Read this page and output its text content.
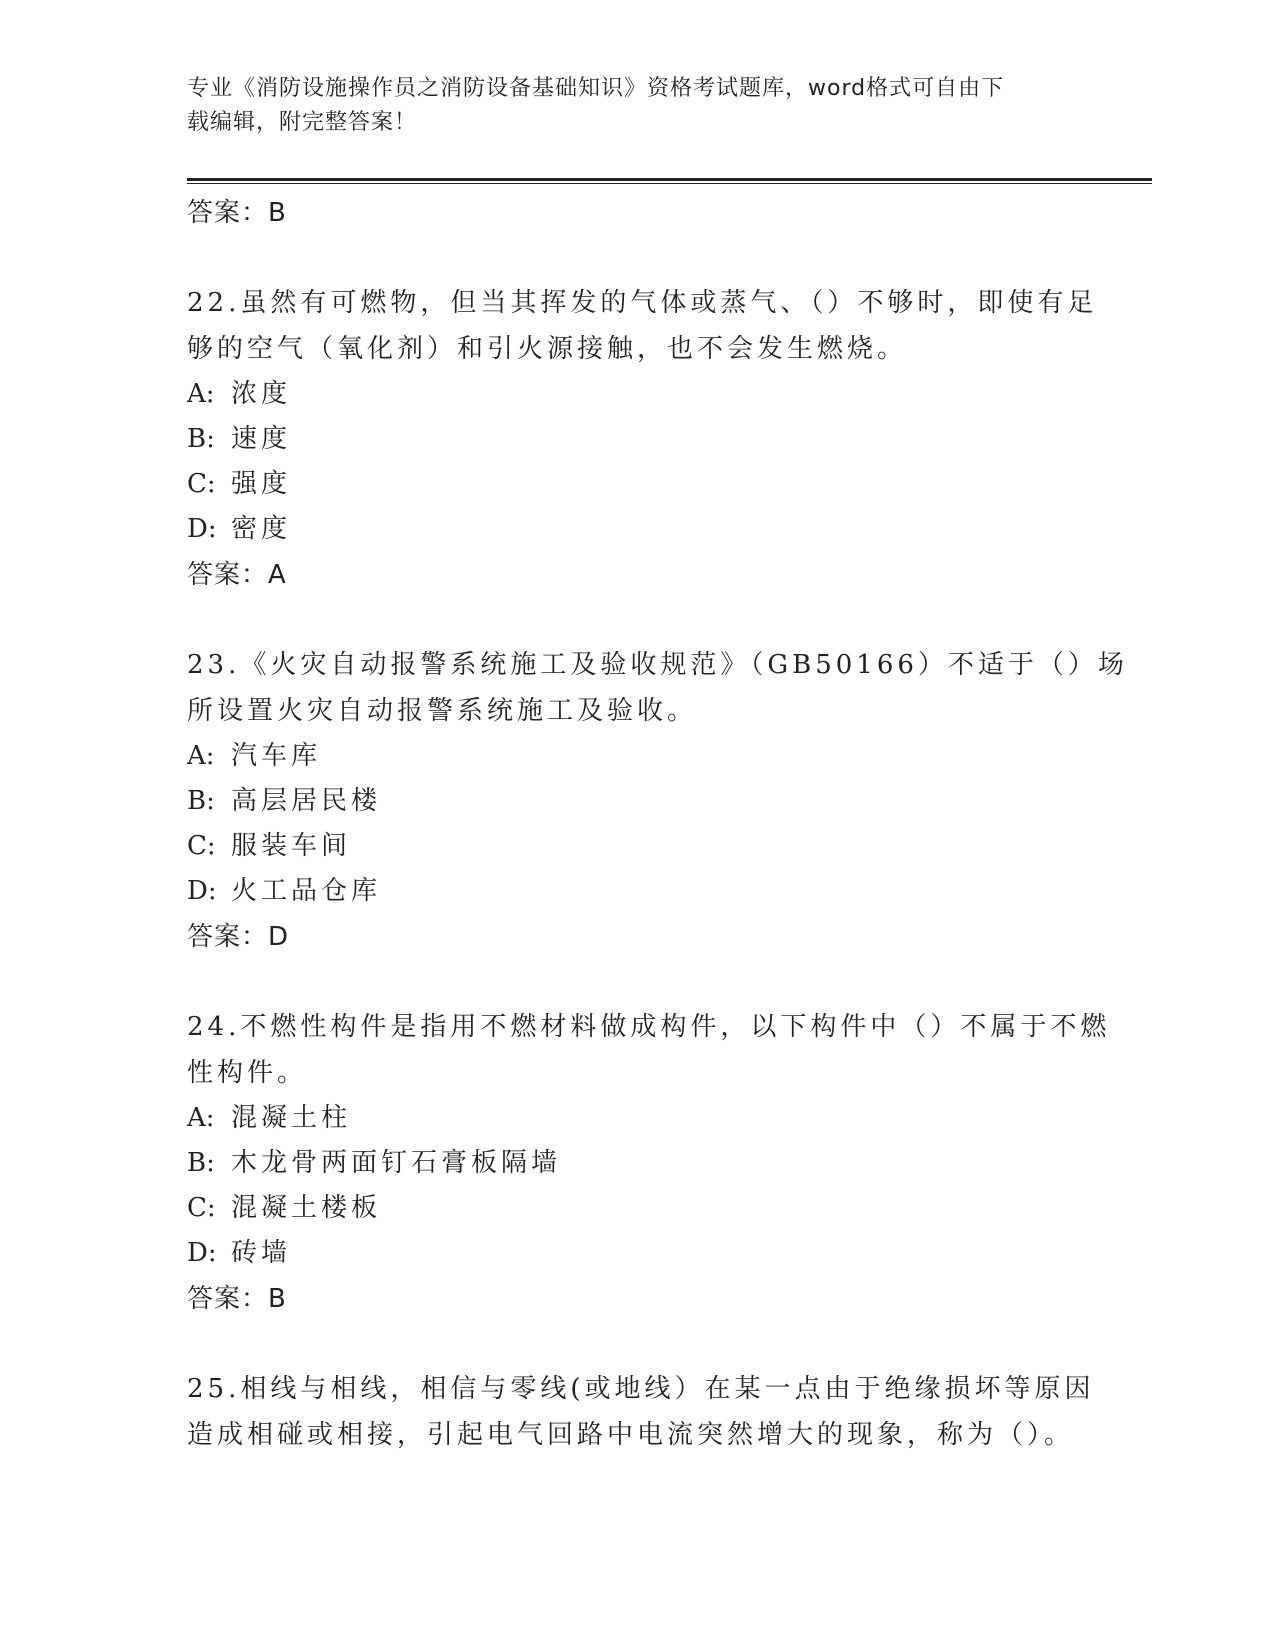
专业《消防设施操作员之消防设备基础知识》资格考试题库，word格式可自由下
载编辑，附完整答案！
答案：B
22.虽然有可燃物，但当其挥发的气体或蒸气、（）不够时，即使有足
够的空气（氧化剂）和引火源接触，也不会发生燃烧。
A: 浓度
B: 速度
C: 强度
D: 密度
答案：A
23.《火灾自动报警系统施工及验收规范》（GB50166）不适于（）场
所设置火灾自动报警系统施工及验收。
A: 汽车库
B: 高层居民楼
C: 服装车间
D: 火工品仓库
答案：D
24.不燃性构件是指用不燃材料做成构件，以下构件中（）不属于不燃
性构件。
A: 混凝土柱
B: 木龙骨两面钉石膏板隔墙
C: 混凝土楼板
D: 砖墙
答案：B
25.相线与相线，相信与零线(或地线）在某一点由于绝缘损坏等原因
造成相碰或相接，引起电气回路中电流突然增大的现象，称为（）。
